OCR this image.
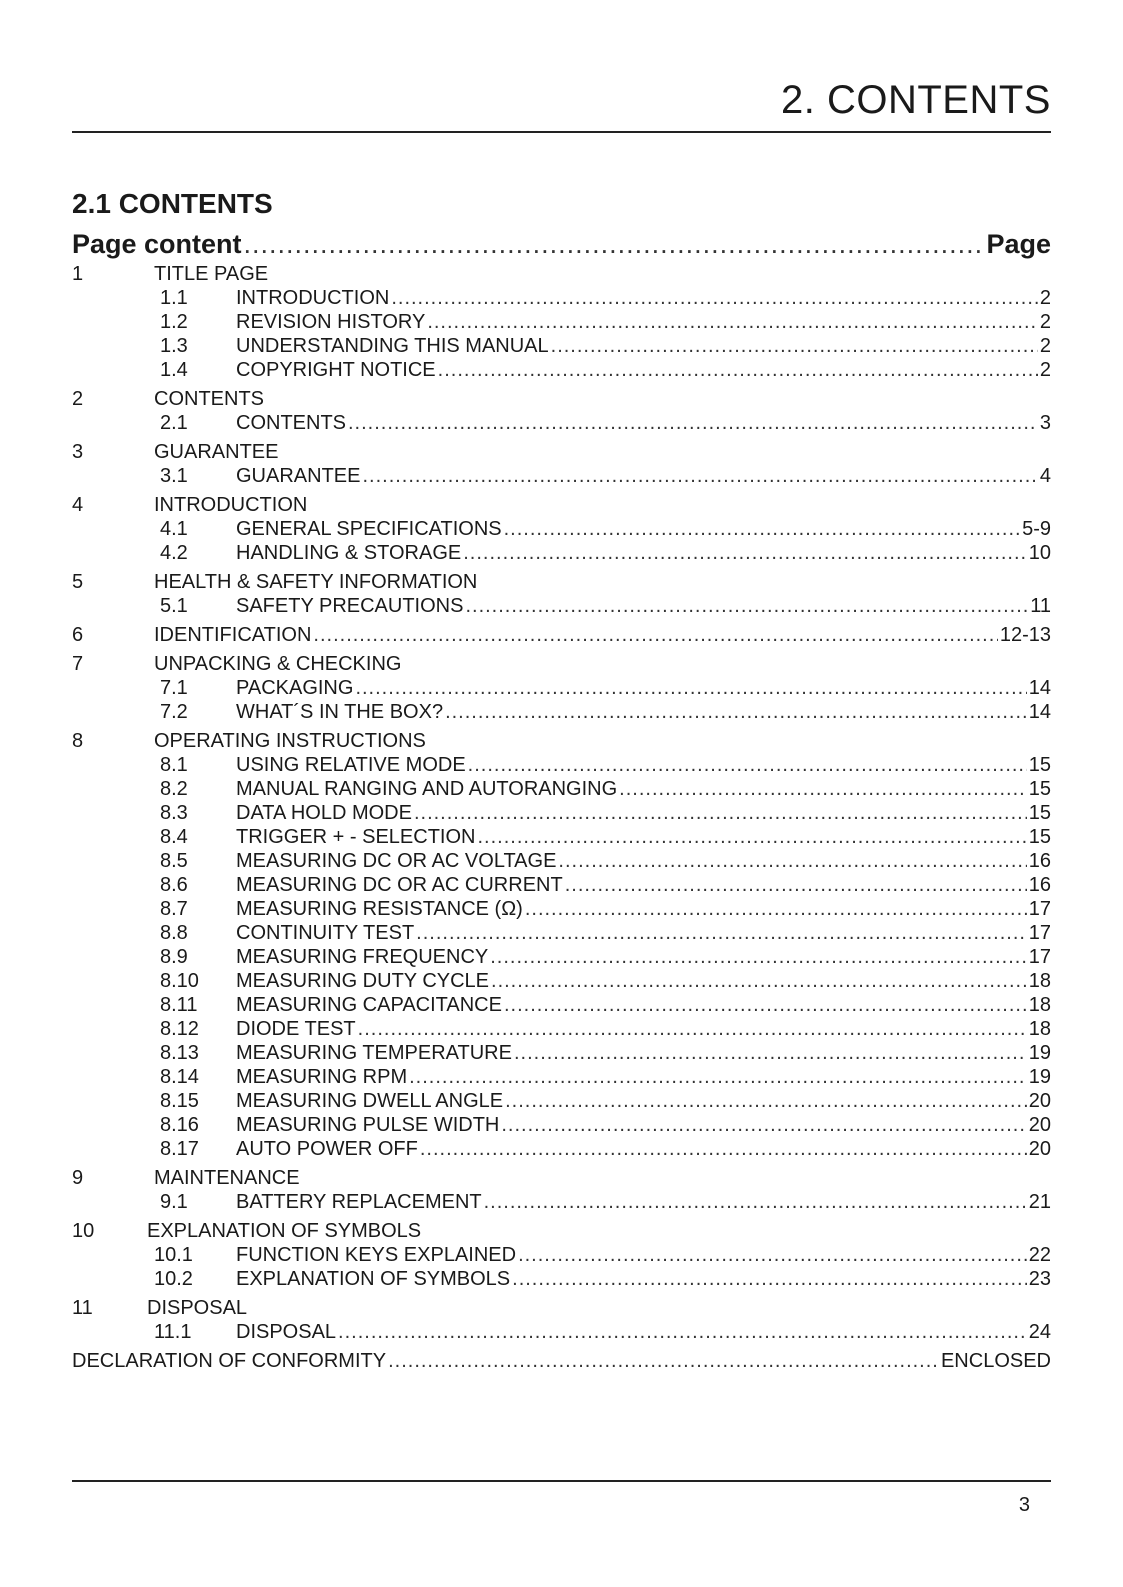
2. CONTENTS
2.1 CONTENTS
Page content .....	Page
1	TITLE PAGE
1.1	INTRODUCTION .....	2
1.2	REVISION HISTORY .....	2
1.3	UNDERSTANDING THIS MANUAL .....	2
1.4	COPYRIGHT NOTICE .....	2
2	CONTENTS
2.1	CONTENTS .....	3
3	GUARANTEE
3.1	GUARANTEE .....	4
4	INTRODUCTION
4.1	GENERAL SPECIFICATIONS .....	5-9
4.2	HANDLING & STORAGE .....	10
5	HEALTH & SAFETY INFORMATION
5.1	SAFETY PRECAUTIONS .....	11
6	IDENTIFICATION .....	12-13
7	UNPACKING & CHECKING
7.1	PACKAGING .....	14
7.2	WHAT´S IN THE BOX? .....	14
8	OPERATING INSTRUCTIONS
8.1	USING RELATIVE MODE .....	15
8.2	MANUAL RANGING AND AUTORANGING .....	15
8.3	DATA HOLD MODE .....	15
8.4	TRIGGER + - SELECTION .....	15
8.5	MEASURING DC OR AC VOLTAGE .....	16
8.6	MEASURING DC OR AC CURRENT .....	16
8.7	MEASURING RESISTANCE (Ω) .....	17
8.8	CONTINUITY TEST .....	17
8.9	MEASURING FREQUENCY .....	17
8.10	MEASURING DUTY CYCLE .....	18
8.11	MEASURING CAPACITANCE .....	18
8.12	DIODE TEST .....	18
8.13	MEASURING TEMPERATURE .....	19
8.14	MEASURING RPM .....	19
8.15	MEASURING DWELL ANGLE .....	20
8.16	MEASURING PULSE WIDTH .....	20
8.17	AUTO POWER OFF .....	20
9	MAINTENANCE
9.1	BATTERY REPLACEMENT .....	21
10	EXPLANATION OF SYMBOLS
10.1	FUNCTION KEYS EXPLAINED .....	22
10.2	EXPLANATION OF SYMBOLS .....	23
11	DISPOSAL
11.1	DISPOSAL .....	24
DECLARATION OF CONFORMITY .....	ENCLOSED
3
